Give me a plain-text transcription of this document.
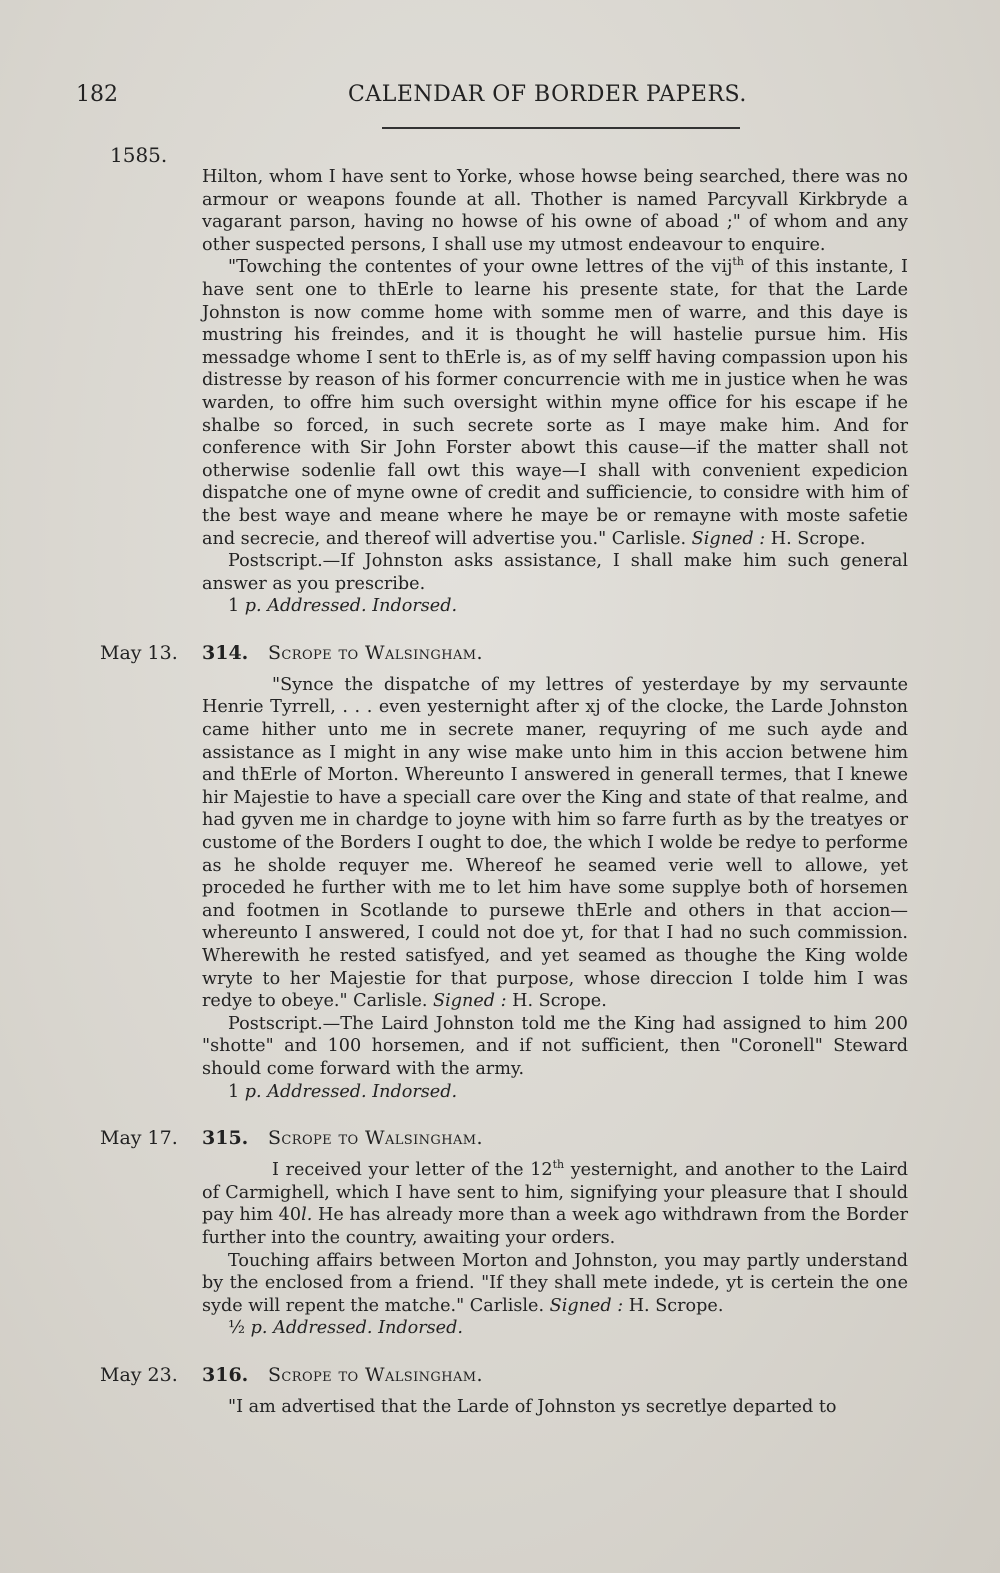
182	CALENDAR OF BORDER PAPERS.
1585.

Hilton, whom I have sent to Yorke, whose howse being searched, there was no armour or weapons founde at all. Thother is named Parcyvall Kirkbryde a vagarant parson, having no howse of his owne of aboad ;" of whom and any other suspected persons, I shall use my utmost endeavour to enquire.

"Towching the contentes of your owne lettres of the vij$^{th}$ of this instante, I have sent one to thErle to learne his presente state, for that the Larde Johnston is now comme home with somme men of warre, and this daye is mustring his freindes, and it is thought he will hastelie pursue him. His messadge whome I sent to thErle is, as of my selff having compassion upon his distresse by reason of his former concurrencie with me in justice when he was warden, to offre him such oversight within myne office for his escape if he shalbe so forced, in such secrete sorte as I maye make him. And for conference with Sir John Forster abowt this cause—if the matter shall not otherwise sodenlie fall owt this waye—I shall with convenient expedicion dispatche one of myne owne of credit and sufficiencie, to considre with him of the best waye and meane where he maye be or remayne with moste safetie and secrecie, and thereof will advertise you." Carlisle. Signed : H. Scrope.

Postscript.—If Johnston asks assistance, I shall make him such general answer as you prescribe.

1 p. Addressed. Indorsed.

May 13. 314. Scrope to Walsingham.

"Synce the dispatche of my lettres of yesterdaye by my servaunte Henrie Tyrrell, . . . even yesternight after xj of the clocke, the Larde Johnston came hither unto me in secrete maner, requyring of me such ayde and assistance as I might in any wise make unto him in this accion betwene him and thErle of Morton. Whereunto I answered in generall termes, that I knewe hir Majestie to have a speciall care over the King and state of that realme, and had gyven me in chardge to joyne with him so farre furth as by the treatyes or custome of the Borders I ought to doe, the which I wolde be redye to performe as he sholde requyer me. Whereof he seamed verie well to allowe, yet proceded he further with me to let him have some supplye both of horsemen and footmen in Scotlande to pursewe thErle and others in that accion—whereunto I answered, I could not doe yt, for that I had no such commission. Wherewith he rested satisfyed, and yet seamed as thoughe the King wolde wryte to her Majestie for that purpose, whose direccion I tolde him I was redye to obeye." Carlisle. Signed : H. Scrope.

Postscript.—The Laird Johnston told me the King had assigned to him 200 "shotte" and 100 horsemen, and if not sufficient, then "Coronell" Steward should come forward with the army.

1 p. Addressed. Indorsed.

May 17. 315. Scrope to Walsingham.

I received your letter of the 12th yesternight, and another to the Laird of Carmighell, which I have sent to him, signifying your pleasure that I should pay him 40l. He has already more than a week ago withdrawn from the Border further into the country, awaiting your orders.

Touching affairs between Morton and Johnston, you may partly understand by the enclosed from a friend. "If they shall mete indede, yt is certein the one syde will repent the matche." Carlisle. Signed : H. Scrope.

½ p. Addressed. Indorsed.

May 23. 316. Scrope to Walsingham.

"I am advertised that the Larde of Johnston ys secretlye departed to
